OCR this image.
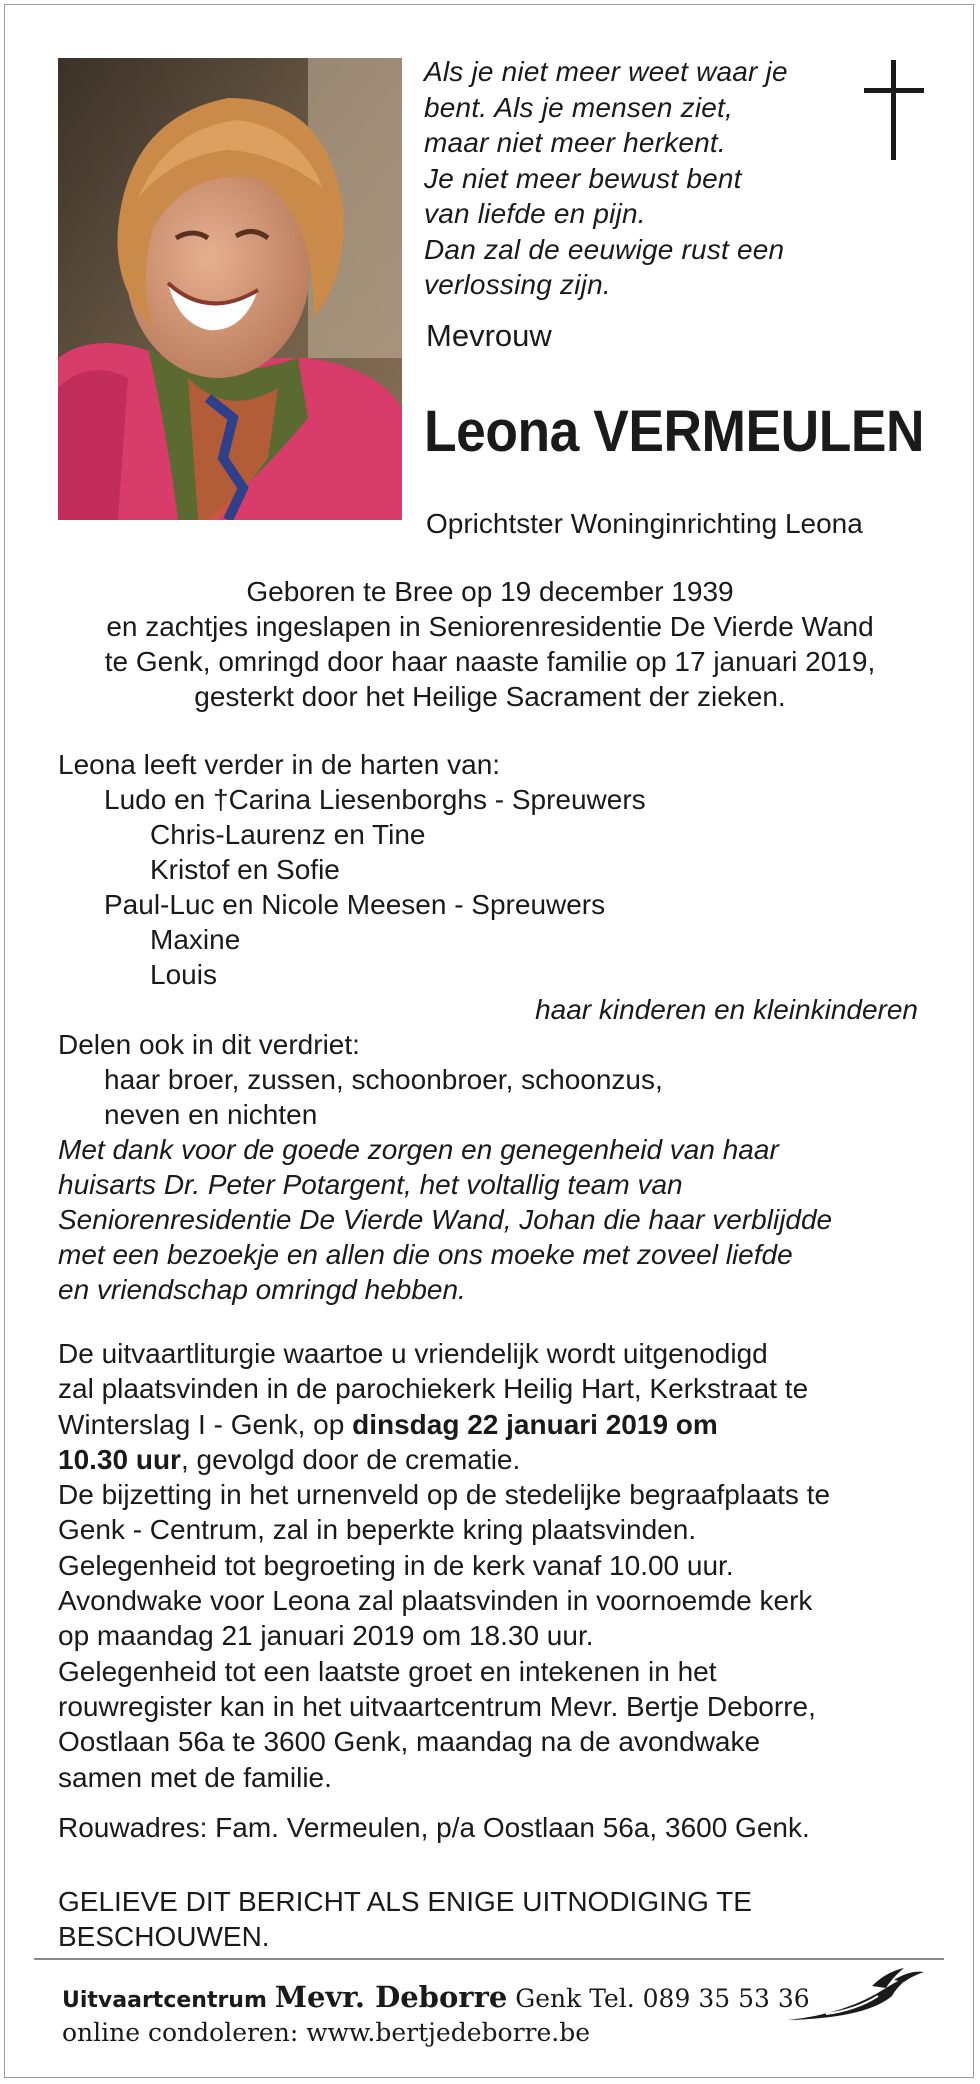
Als je niet meer weet waar je
bent. Als je mensen ziet,
maar niet meer herkent.
Je niet meer bewust bent
van liefde en pijn.
Dan zal de eeuwige rust een
verlossing zijn.
Mevrouw
Leona VERMEULEN
Oprichtster Woninginrichting Leona
Geboren te Bree op 19 december 1939
en zachtjes ingeslapen in Seniorenresidentie De Vierde Wand
te Genk, omringd door haar naaste familie op 17 januari 2019,
gesterkt door het Heilige Sacrament der zieken.
Leona leeft verder in de harten van:
Ludo en †Carina Liesenborghs - Spreuwers
Chris-Laurenz en Tine
Kristof en Sofie
Paul-Luc en Nicole Meesen - Spreuwers
Maxine
Louis
haar kinderen en kleinkinderen
Delen ook in dit verdriet:
haar broer, zussen, schoonbroer, schoonzus,
neven en nichten
Met dank voor de goede zorgen en genegenheid van haar
huisarts Dr. Peter Potargent, het voltallig team van
Seniorenresidentie De Vierde Wand, Johan die haar verblijdde
met een bezoekje en allen die ons moeke met zoveel liefde
en vriendschap omringd hebben.
De uitvaartliturgie waartoe u vriendelijk wordt uitgenodigd
zal plaatsvinden in de parochiekerk Heilig Hart, Kerkstraat te
Winterslag I - Genk, op dinsdag 22 januari 2019 om
10.30 uur, gevolgd door de crematie.
De bijzetting in het urnenveld op de stedelijke begraafplaats te
Genk - Centrum, zal in beperkte kring plaatsvinden.
Gelegenheid tot begroeting in de kerk vanaf 10.00 uur.
Avondwake voor Leona zal plaatsvinden in voornoemde kerk
op maandag 21 januari 2019 om 18.30 uur.
Gelegenheid tot een laatste groet en intekenen in het
rouwregister kan in het uitvaartcentrum Mevr. Bertje Deborre,
Oostlaan 56a te 3600 Genk, maandag na de avondwake
samen met de familie.
Rouwadres: Fam. Vermeulen, p/a Oostlaan 56a, 3600 Genk.
GELIEVE DIT BERICHT ALS ENIGE UITNODIGING TE
BESCHOUWEN.
Uitvaartcentrum Mevr. Deborre Genk Tel. 089 35 53 36
online condoleren: www.bertjedeborre.be
